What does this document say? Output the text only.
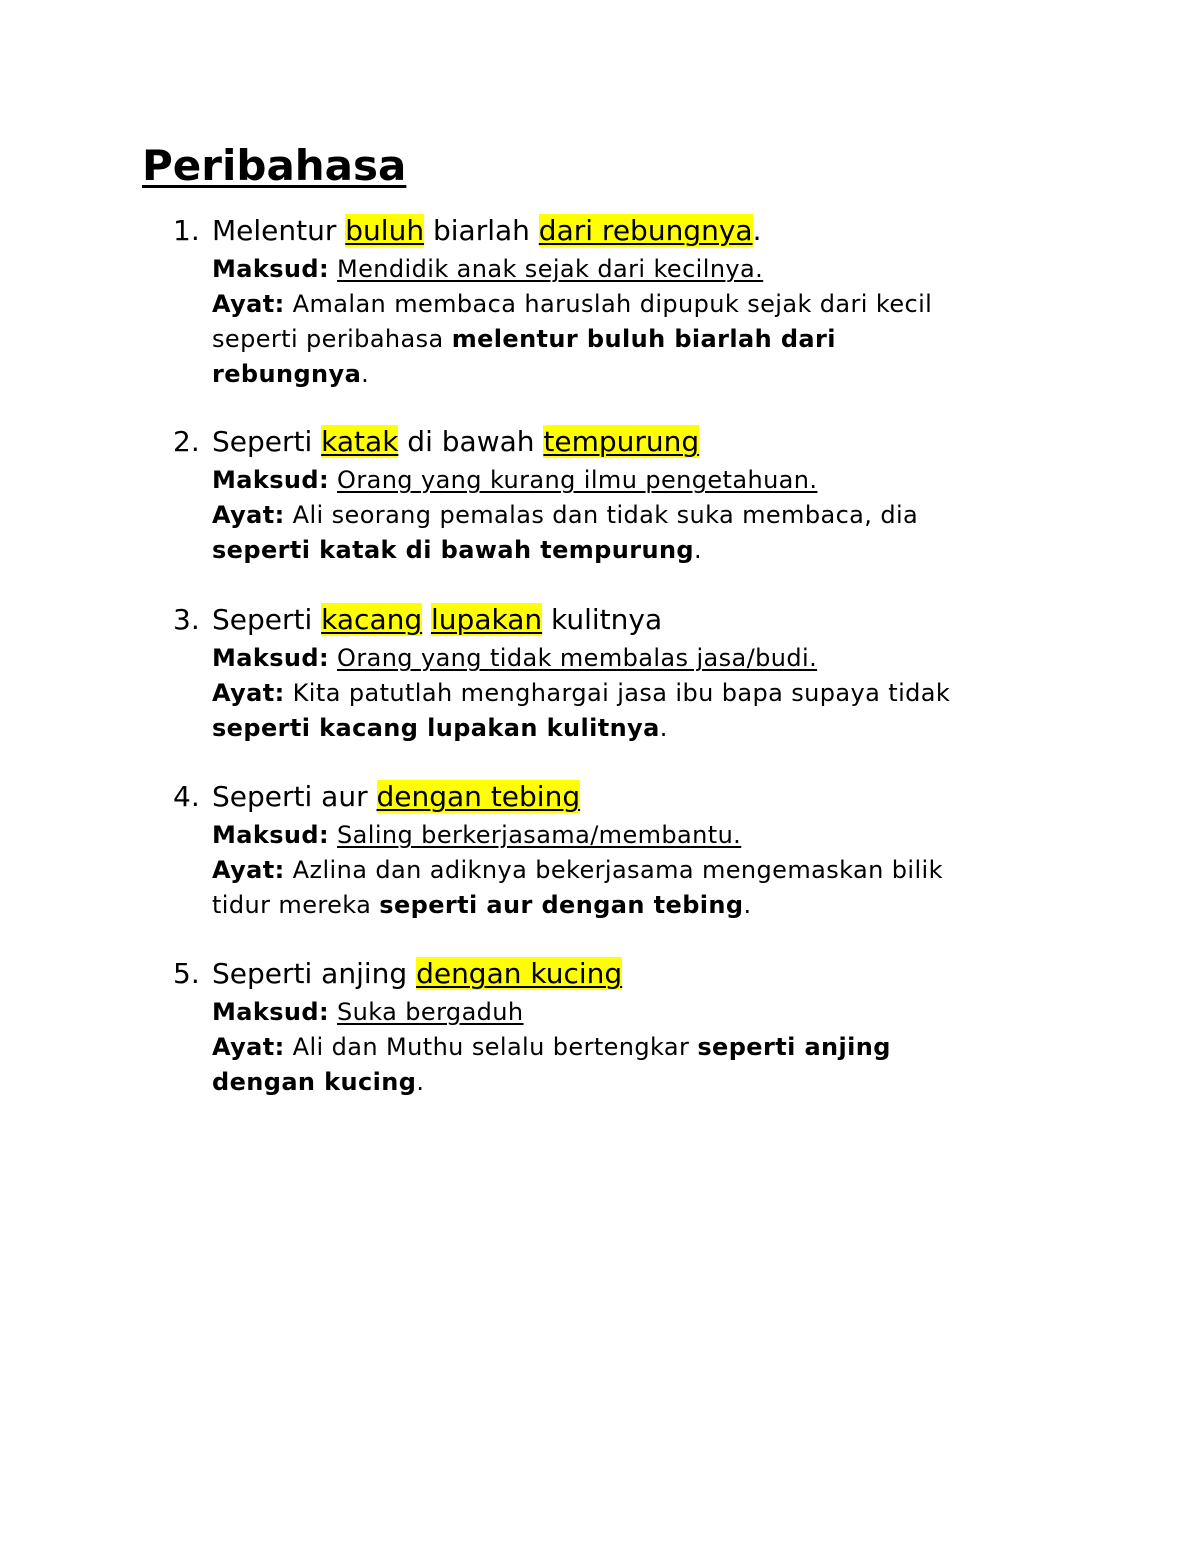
Peribahasa
1. Melentur buluh biarlah dari rebungnya.
Maksud: Mendidik anak sejak dari kecilnya.
Ayat: Amalan membaca haruslah dipupuk sejak dari kecil
seperti peribahasa melentur buluh biarlah dari
rebungnya.
2. Seperti katak di bawah tempurung
Maksud: Orang yang kurang ilmu pengetahuan.
Ayat: Ali seorang pemalas dan tidak suka membaca, dia
seperti katak di bawah tempurung.
3. Seperti kacang lupakan kulitnya
Maksud: Orang yang tidak membalas jasa/budi.
Ayat: Kita patutlah menghargai jasa ibu bapa supaya tidak
seperti kacang lupakan kulitnya.
4. Seperti aur dengan tebing
Maksud: Saling berkerjasama/membantu.
Ayat: Azlina dan adiknya bekerjasama mengemaskan bilik
tidur mereka seperti aur dengan tebing.
5. Seperti anjing dengan kucing
Maksud: Suka bergaduh
Ayat: Ali dan Muthu selalu bertengkar seperti anjing
dengan kucing.
